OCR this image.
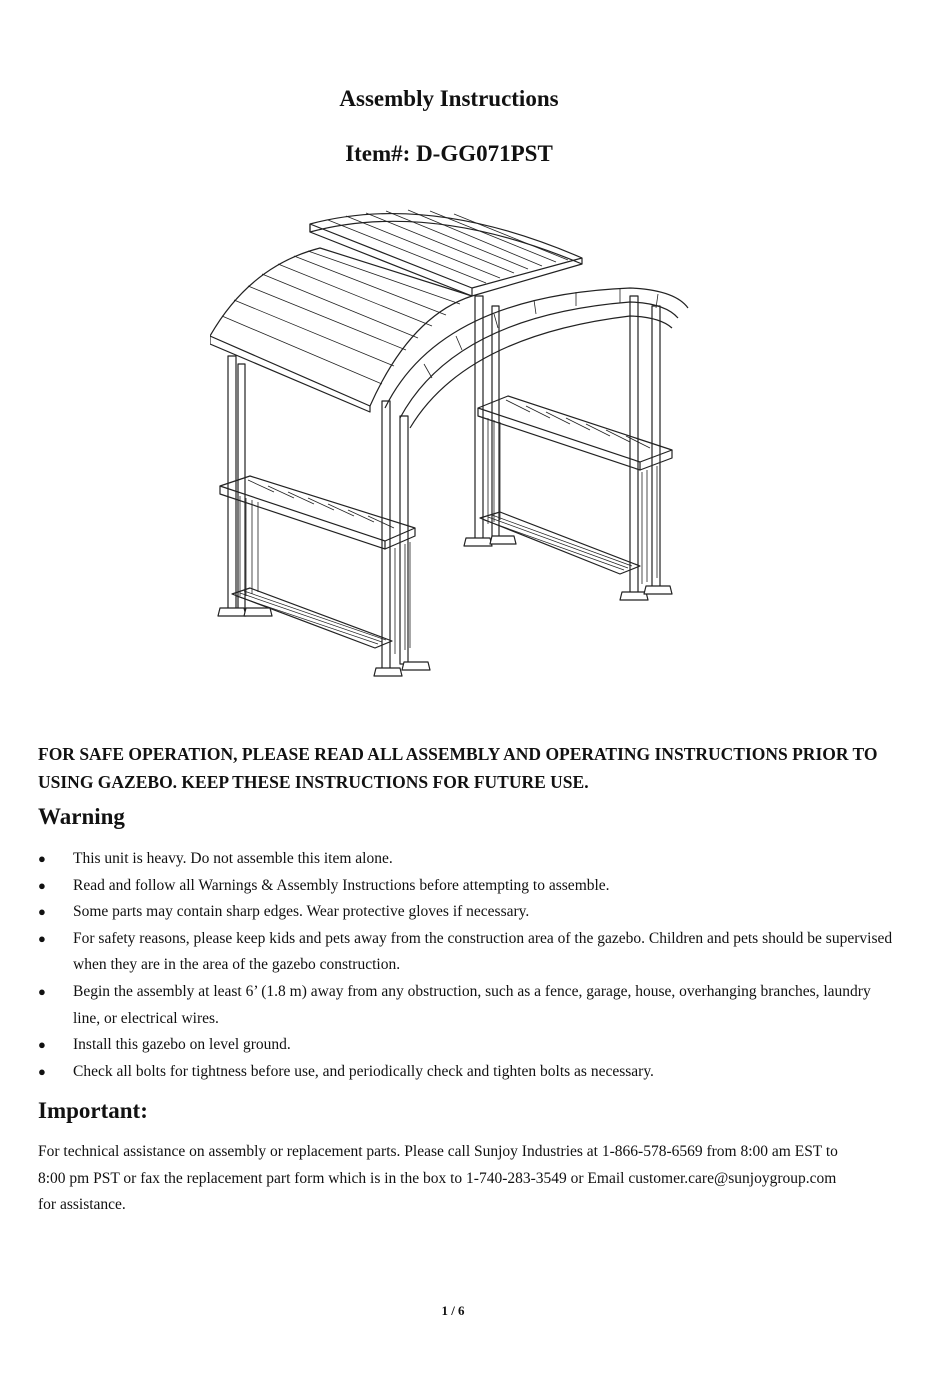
Assembly Instructions
Item#: D-GG071PST
FOR SAFE OPERATION, PLEASE READ ALL ASSEMBLY AND OPERATING INSTRUCTIONS PRIOR TO USING GAZEBO. KEEP THESE INSTRUCTIONS FOR FUTURE USE.
Warning
● This unit is heavy. Do not assemble this item alone.
● Read and follow all Warnings & Assembly Instructions before attempting to assemble.
● Some parts may contain sharp edges. Wear protective gloves if necessary.
● For safety reasons, please keep kids and pets away from the construction area of the gazebo. Children and pets should be supervised when they are in the area of the gazebo construction.
● Begin the assembly at least 6’ (1.8 m) away from any obstruction, such as a fence, garage, house, overhanging branches, laundry line, or electrical wires.
● Install this gazebo on level ground.
● Check all bolts for tightness before use, and periodically check and tighten bolts as necessary.
Important:
For technical assistance on assembly or replacement parts. Please call Sunjoy Industries at 1-866-578-6569 from 8:00 am EST to 8:00 pm PST or fax the replacement part form which is in the box to 1-740-283-3549 or Email customer.care@sunjoygroup.com for assistance.
1 / 6
